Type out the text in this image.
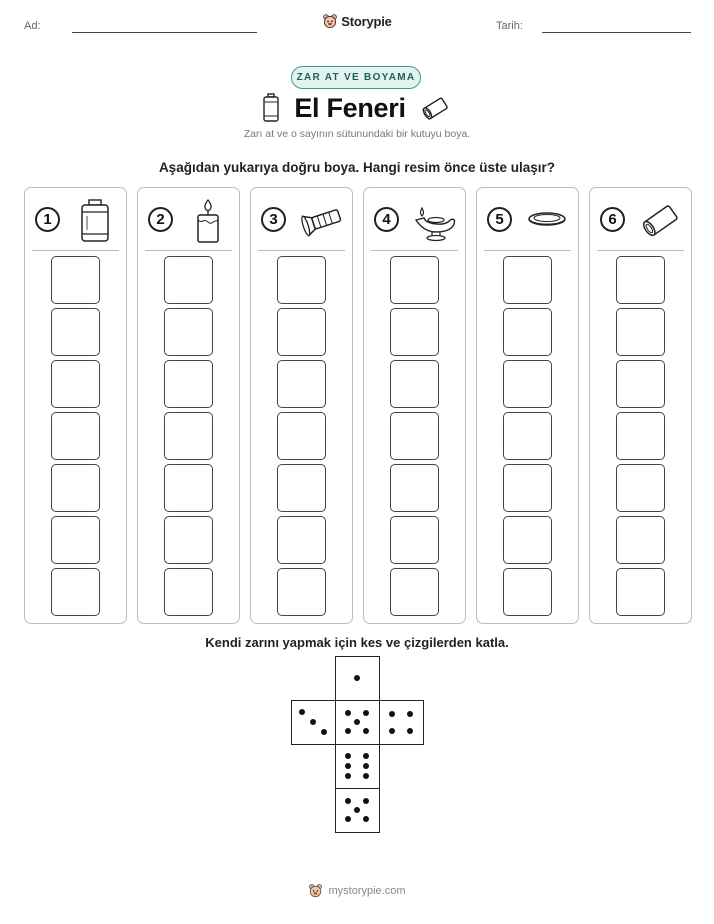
Ad:	Tarih:
Storypie
ZAR AT VE BOYAMA
El Feneri
Zarı at ve o sayının sütunundaki bir kutuyu boya.
Aşağıdan yukarıya doğru boya. Hangi resim önce üste ulaşır?
1	2	3	4	5	6
Kendi zarını yapmak için kes ve çizgilerden katla.
mystorypie.com
